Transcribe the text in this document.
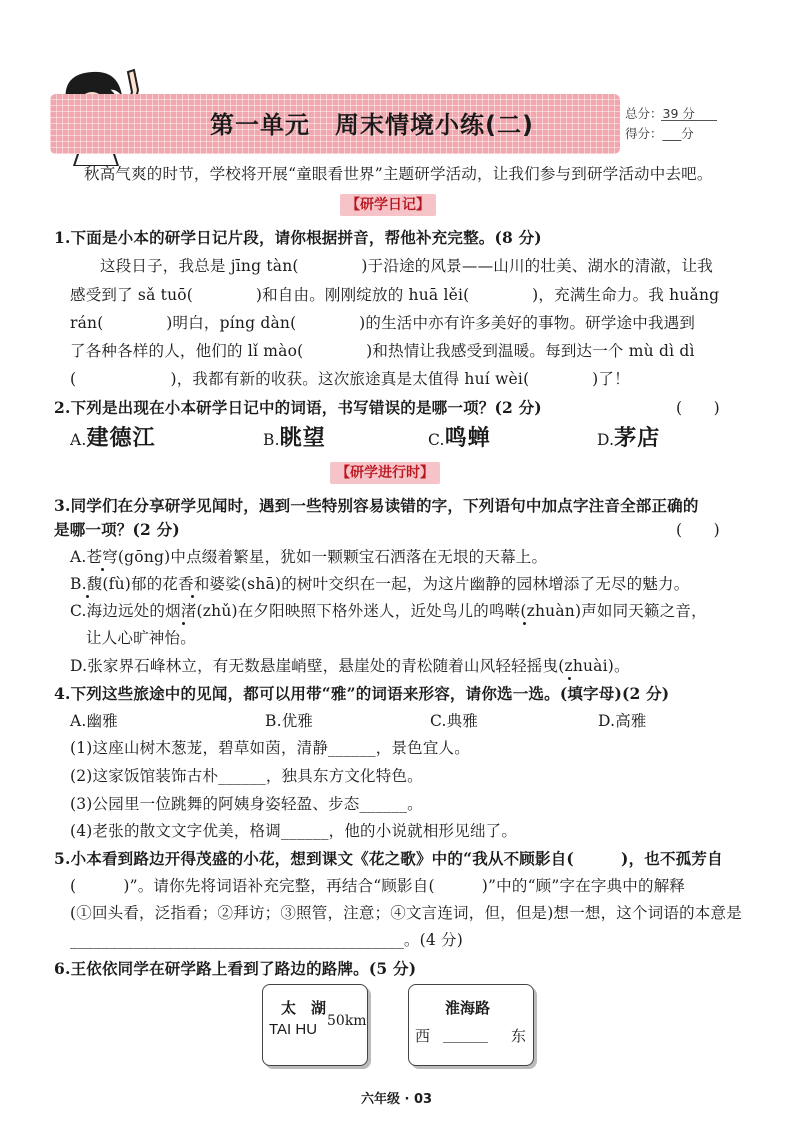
第一单元　周末情境小练(二)	总分：39 分
得分：___分
秋高气爽的时节，学校将开展“童眼看世界”主题研学活动，让我们参与到研学活动中去吧。
【研学日记】
1.下面是小本的研学日记片段，请你根据拼音，帮他补充完整。(8 分)
这段日子，我总是 jīng tàn(　　　　)于沿途的风景——山川的壮美、湖水的清澈，让我
感受到了 sǎ tuō(　　　　)和自由。刚刚绽放的 huā lěi(　　　　)，充满生命力。我 huǎng
rán(　　　　)明白，píng dàn(　　　　)的生活中亦有许多美好的事物。研学途中我遇到
了各种各样的人，他们的 lǐ mào(　　　　)和热情让我感受到温暖。每到达一个 mù dì dì
(　　　　　　)，我都有新的收获。这次旅途真是太值得 huí wèi(　　　　)了！
2.下列是出现在小本研学日记中的词语，书写错误的是哪一项？(2 分)	(　　)
A.建德江	B.眺望	C.鸣蝉	D.茅店
【研学进行时】
3.同学们在分享研学见闻时，遇到一些特别容易读错的字，下列语句中加点字注音全部正确的
是哪一项？(2 分)	(　　)
A.苍穹(gōng)中点缀着繁星，犹如一颗颗宝石洒落在无垠的天幕上。
B.馥(fù)郁的花香和婆娑(shā)的树叶交织在一起，为这片幽静的园林增添了无尽的魅力。
C.海边远处的烟渚(zhǔ)在夕阳映照下格外迷人，近处鸟儿的鸣啭(zhuàn)声如同天籁之音，
让人心旷神怡。
D.张家界石峰林立，有无数悬崖峭壁，悬崖处的青松随着山风轻轻摇曳(zhuài)。
4.下列这些旅途中的见闻，都可以用带“雅”的词语来形容，请你选一选。(填字母)(2 分)
A.幽雅	B.优雅	C.典雅	D.高雅
(1)这座山树木葱茏，碧草如茵，清静______，景色宜人。
(2)这家饭馆装饰古朴______，独具东方文化特色。
(3)公园里一位跳舞的阿姨身姿轻盈、步态______。
(4)老张的散文文字优美，格调______，他的小说就相形见绌了。
5.小本看到路边开得茂盛的小花，想到课文《花之歌》中的“我从不顾影自(　　　)，也不孤芳自
(　　　)”。请你先将词语补充完整，再结合“顾影自(　　　)”中的“顾”字在字典中的解释
(①回头看，泛指看；②拜访；③照管，注意；④文言连词，但，但是)想一想，这个词语的本意是
__________________________________________。(4 分)
6.王依依同学在研学路上看到了路边的路牌。(5 分)
太　湖
TAI HU 50km
淮海路
西 ______ 东
六年级 · 03
